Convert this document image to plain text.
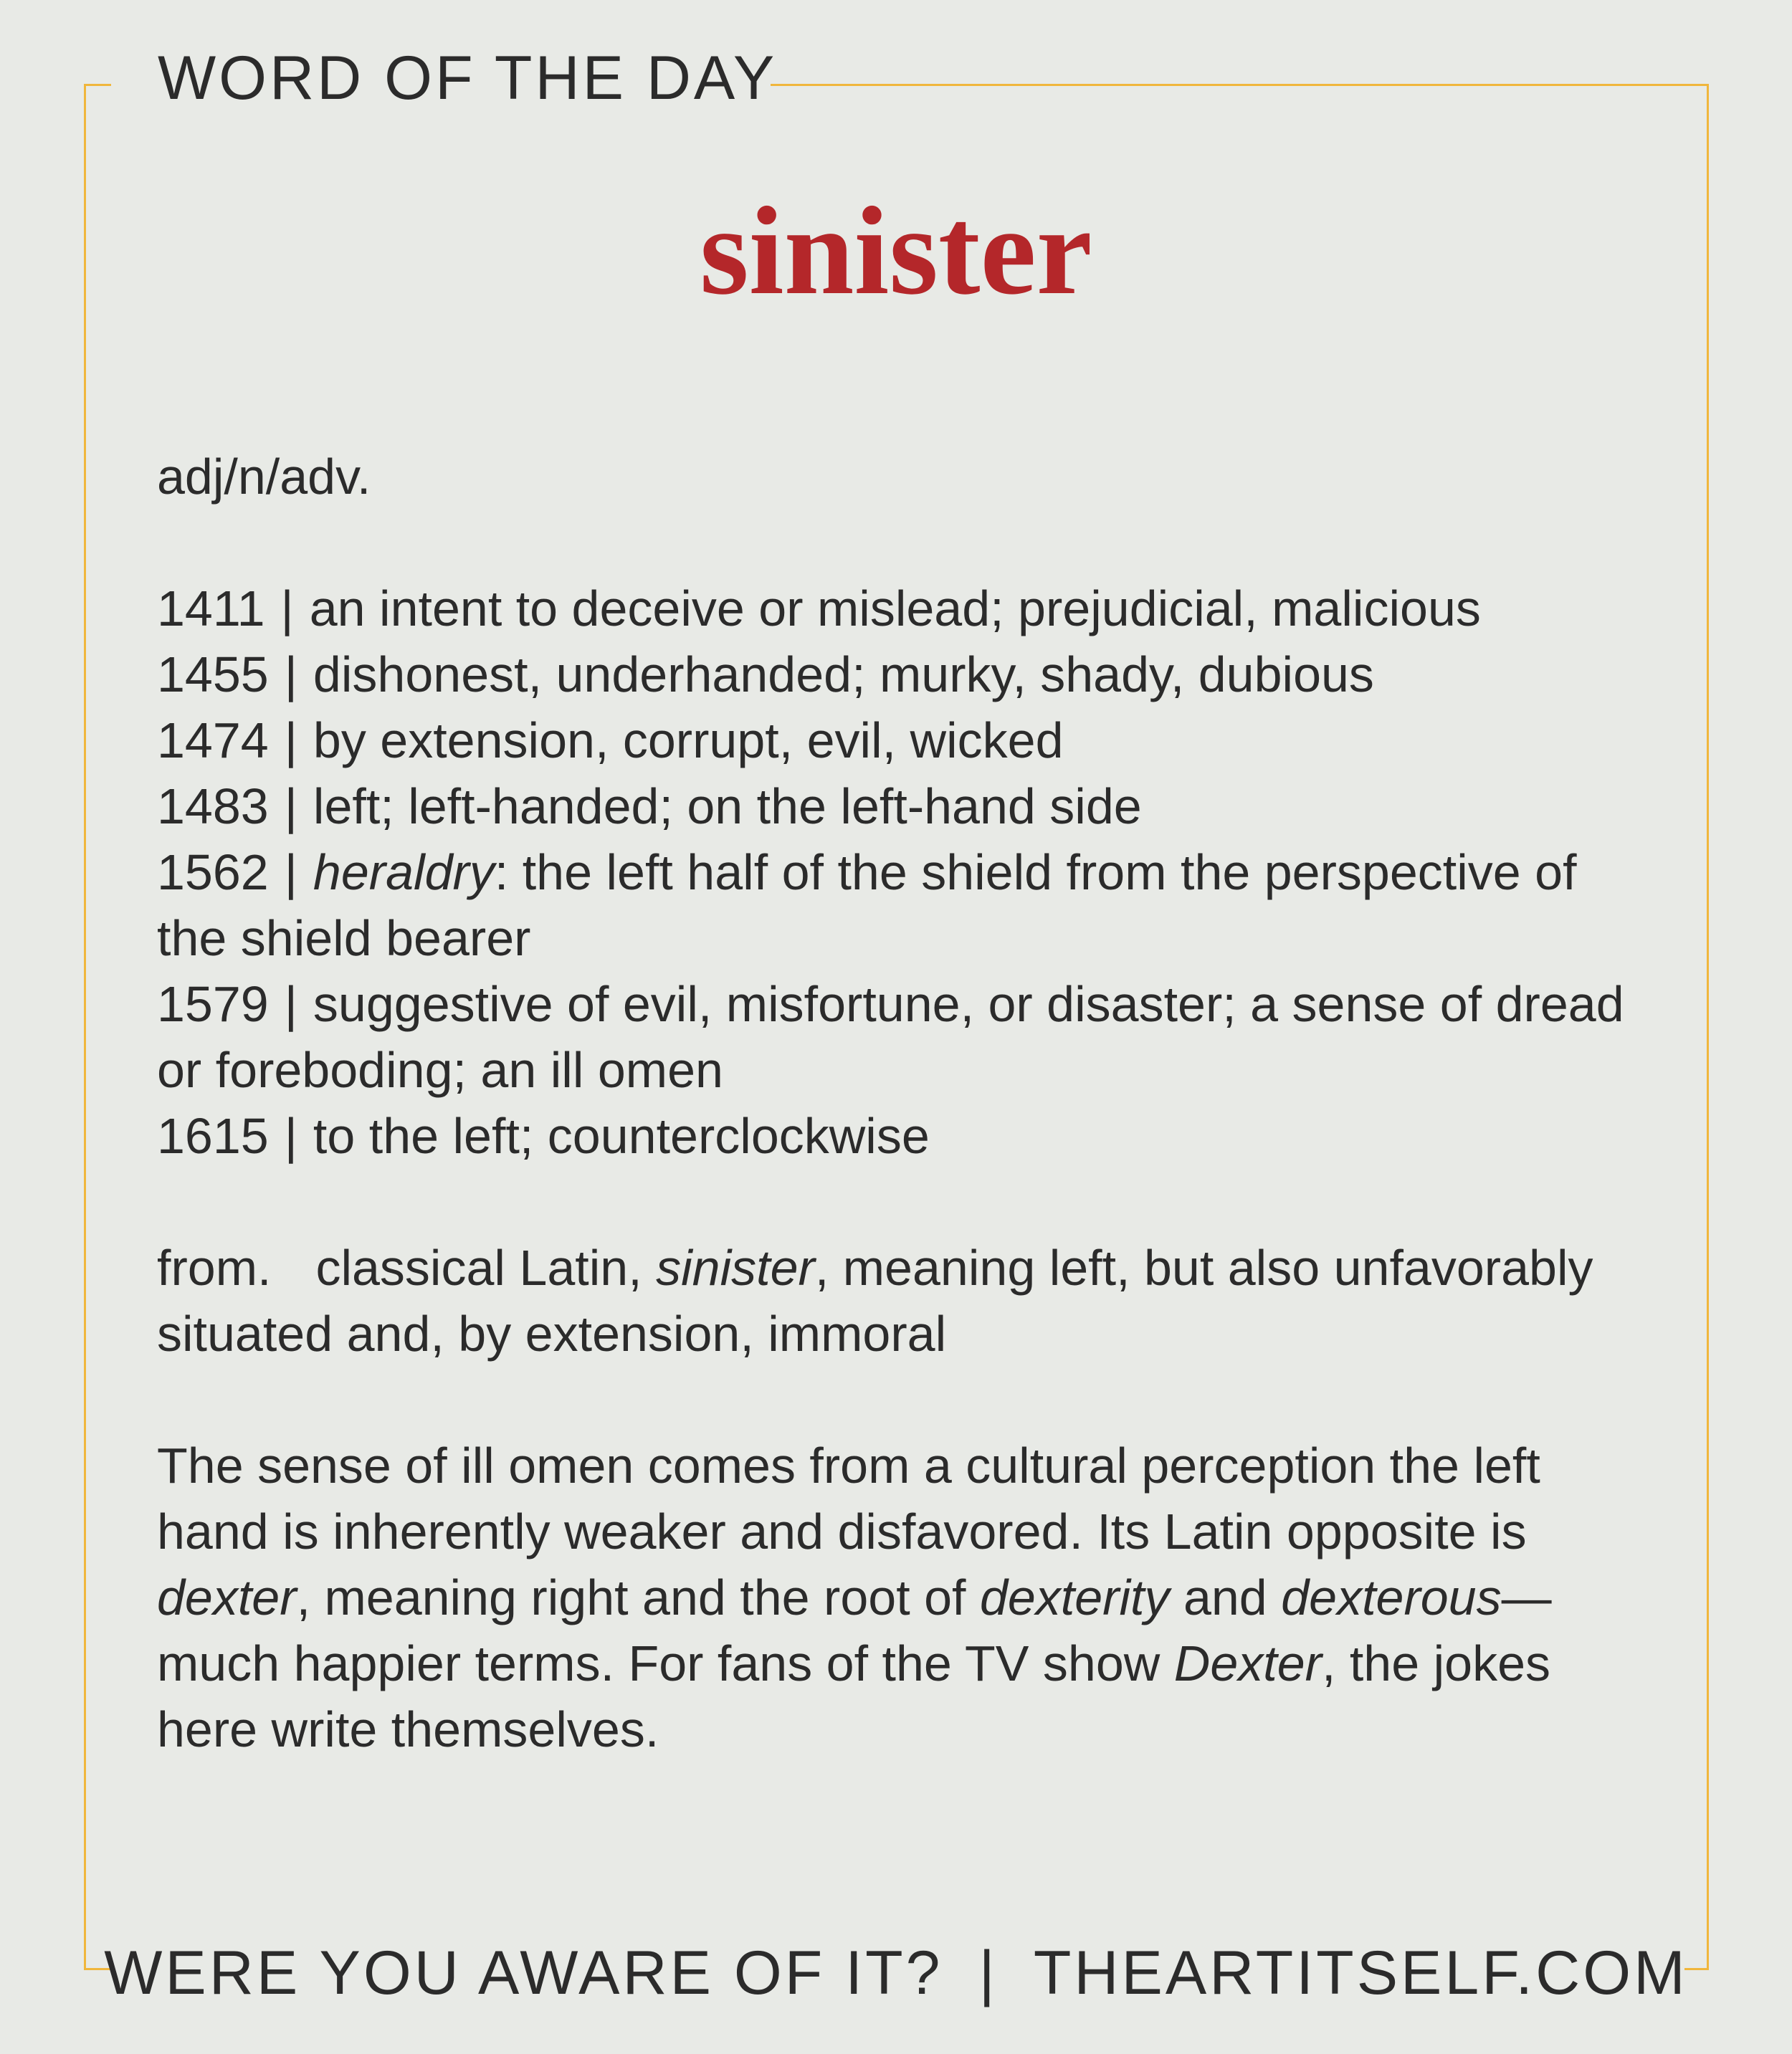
WORD OF THE DAY
sinister

adj/n/adv.

1411 | an intent to deceive or mislead; prejudicial, malicious

1455 | dishonest, underhanded; murky, shady, dubious

1474 | by extension, corrupt, evil, wicked

1483 | left; left-handed; on the left-hand side

1562 | heraldry: the left half of the shield from the perspective of the shield bearer

1579 | suggestive of evil, misfortune, or disaster; a sense of dread or foreboding; an ill omen

1615 | to the left; counterclockwise

from. classical Latin, sinister, meaning left, but also unfavorably situated and, by extension, immoral

The sense of ill omen comes from a cultural perception the left hand is inherently weaker and disfavored. Its Latin opposite is dexter, meaning right and the root of dexterity and dexterous—much happier terms. For fans of the TV show Dexter, the jokes here write themselves.

WERE YOU AWARE OF IT? | THEARTITSELF.COM
